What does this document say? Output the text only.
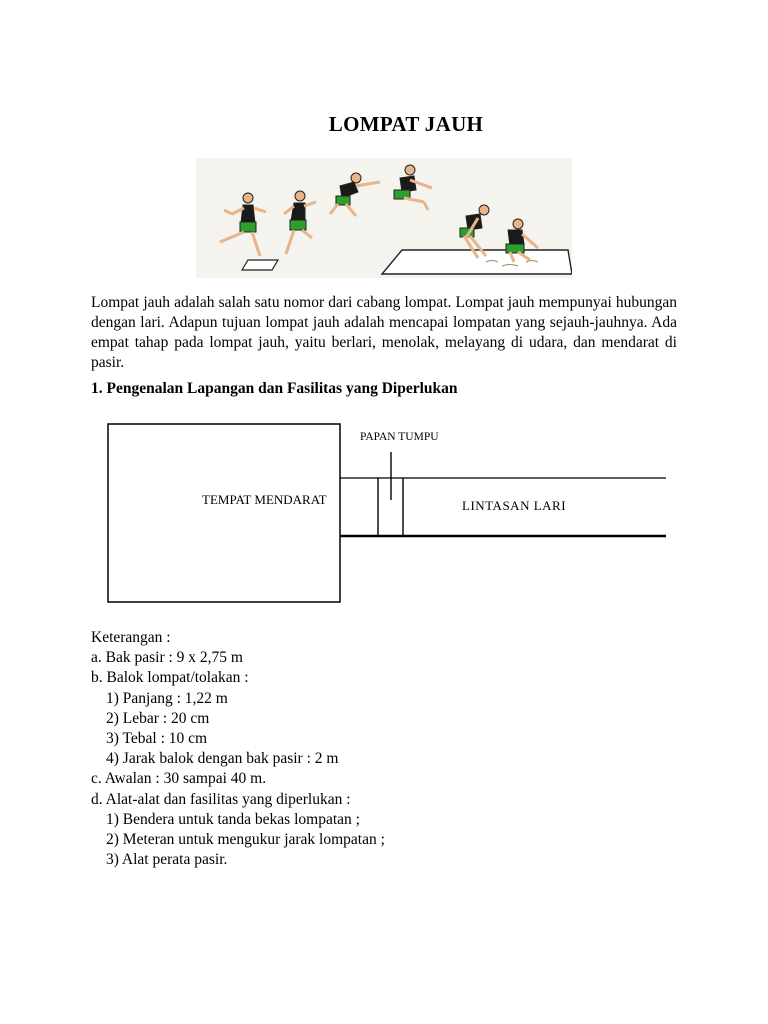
LOMPAT JAUH
Lompat jauh adalah salah satu nomor dari cabang lompat. Lompat jauh mempunyai hubungan dengan lari. Adapun tujuan lompat jauh adalah mencapai lompatan yang sejauh-jauhnya. Ada empat tahap pada lompat jauh, yaitu berlari, menolak, melayang di udara, dan mendarat di pasir.
1. Pengenalan Lapangan dan Fasilitas yang Diperlukan
TEMPAT MENDARAT
PAPAN TUMPU
LINTASAN LARI
Keterangan :
a. Bak pasir : 9 x 2,75 m
b. Balok lompat/tolakan :
1) Panjang : 1,22 m
2) Lebar : 20 cm
3) Tebal : 10 cm
4) Jarak balok dengan bak pasir : 2 m
c. Awalan : 30 sampai 40 m.
d. Alat-alat dan fasilitas yang diperlukan :
1) Bendera untuk tanda bekas lompatan ;
2) Meteran untuk mengukur jarak lompatan ;
3) Alat perata pasir.
